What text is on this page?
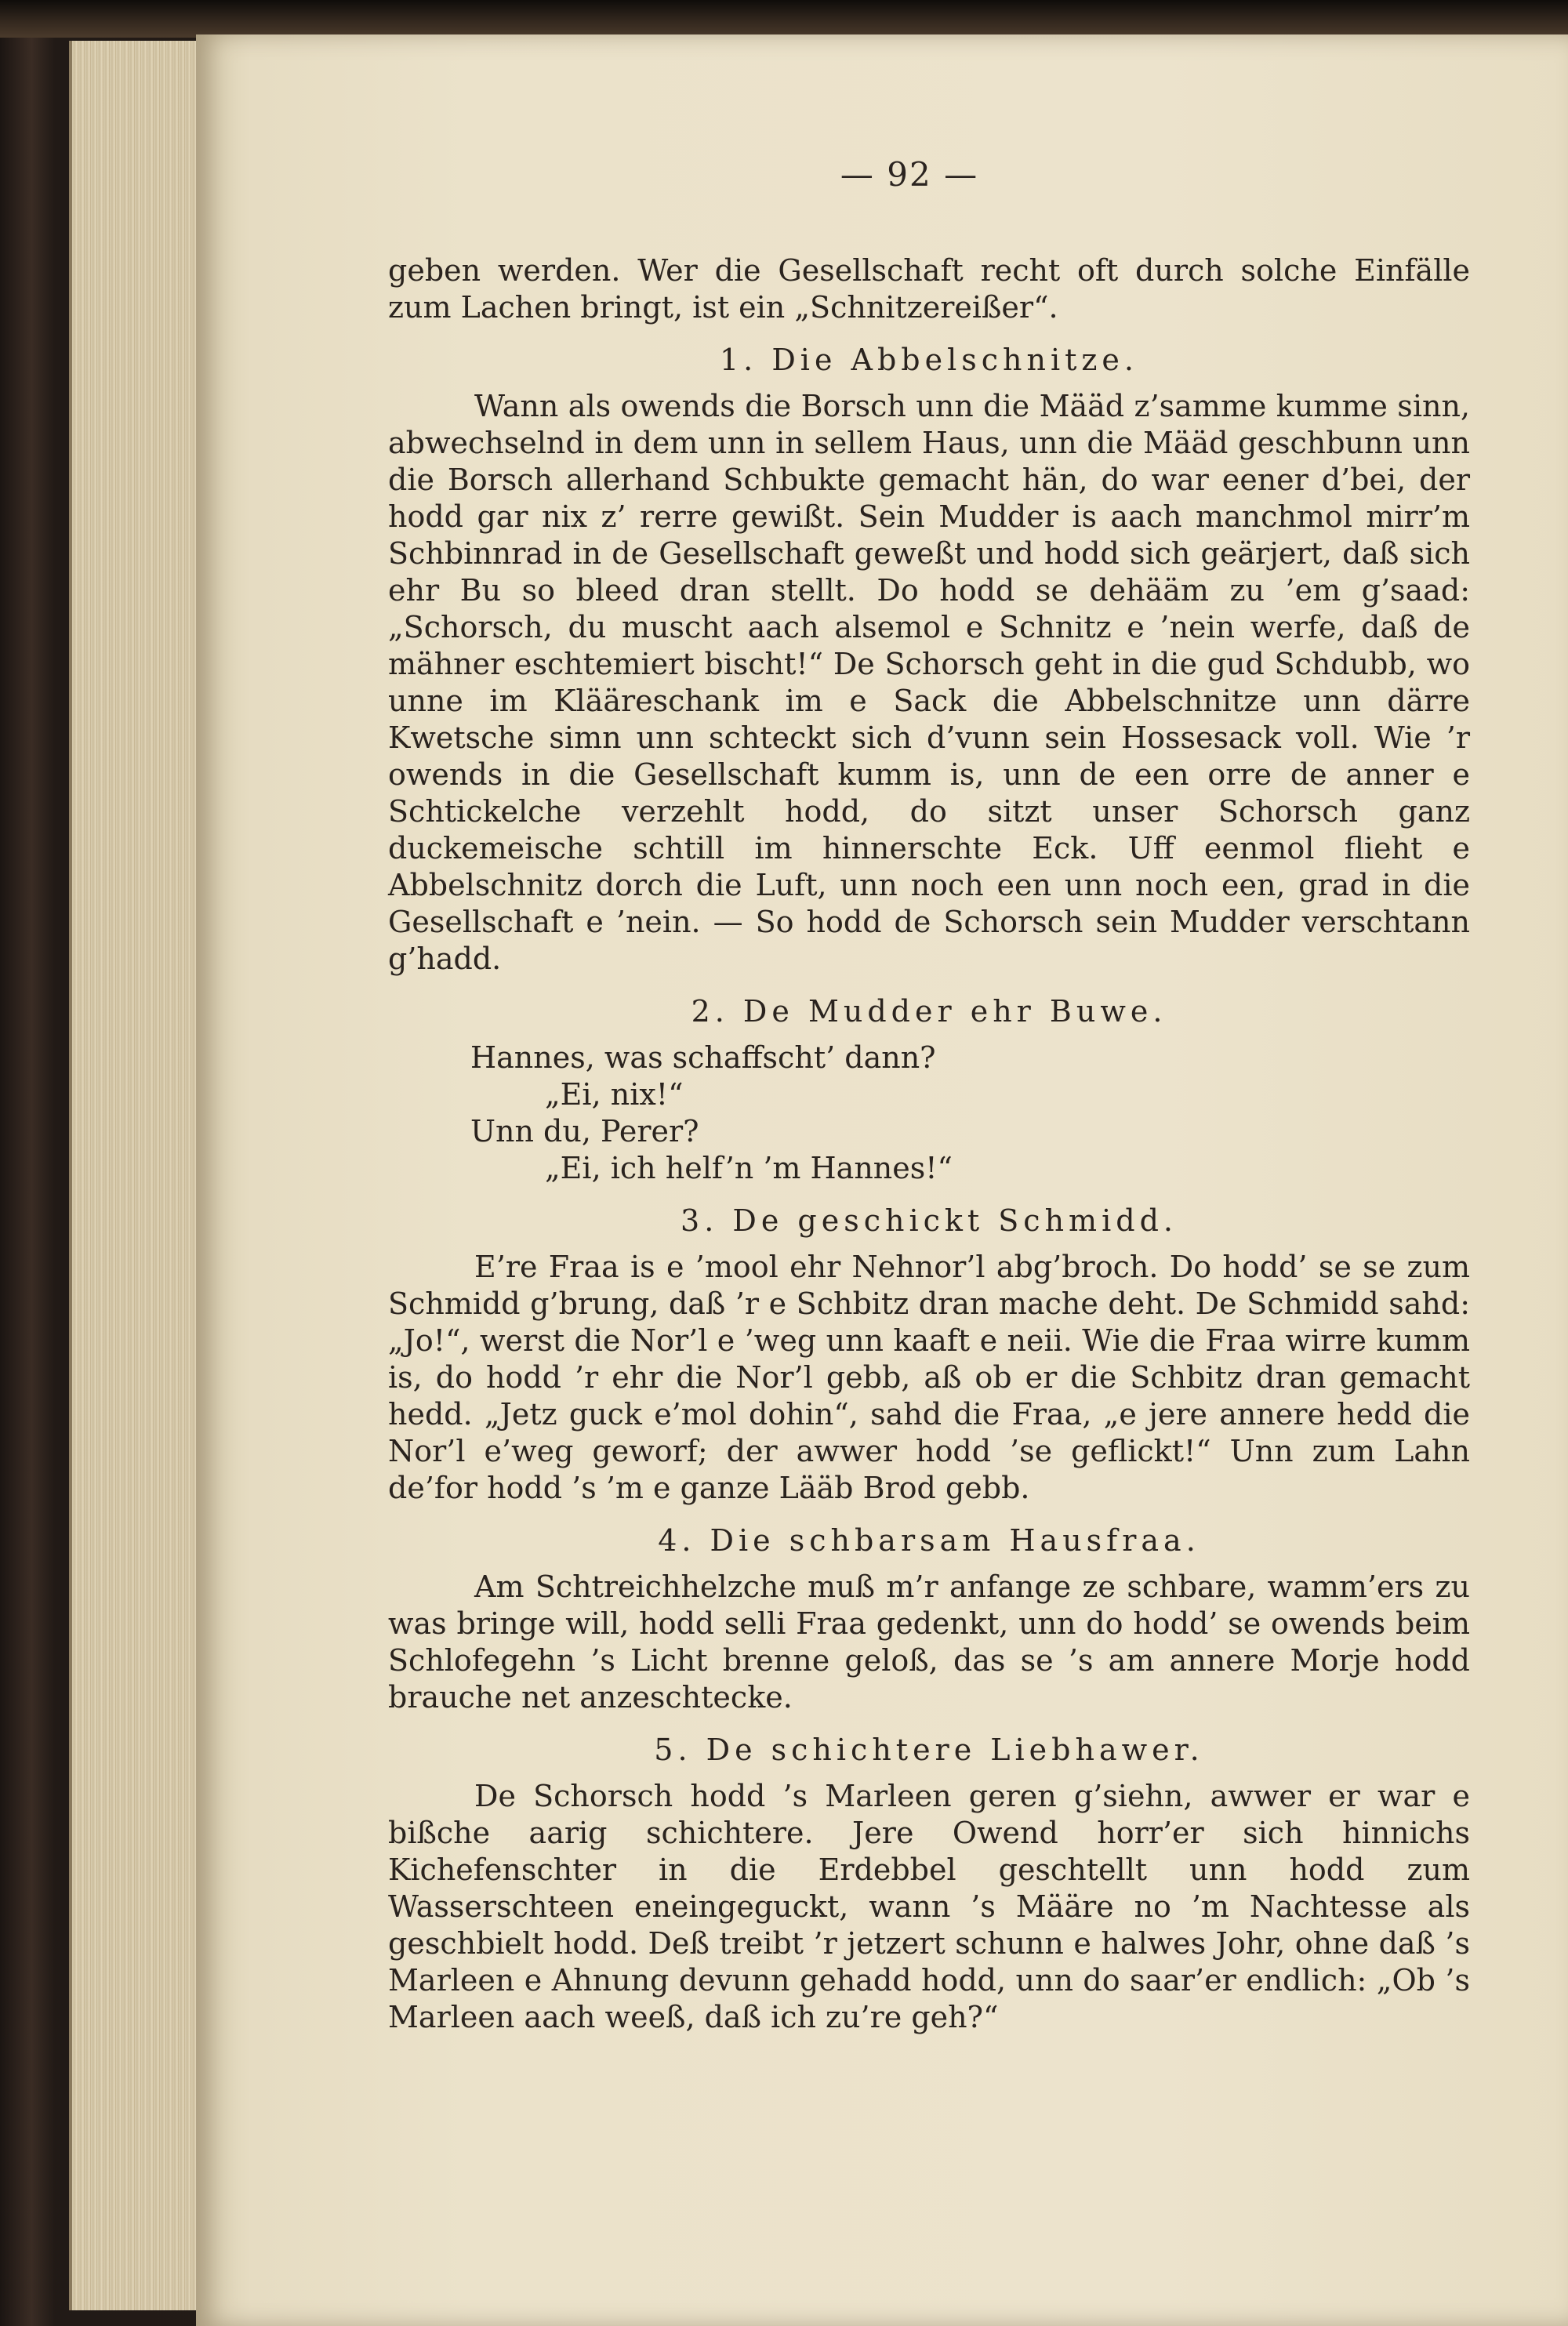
— 92 —

geben werden. Wer die Gesellschaft recht oft durch solche Einfälle zum Lachen bringt, ist ein „Schnitzereißer“.

1. Die Abbelschnitze.

Wann als owends die Borsch unn die Määd z’samme kumme sinn, abwechselnd in dem unn in sellem Haus, unn die Määd geschbunn unn die Borsch allerhand Schbukte gemacht hän, do war eener d’bei, der hodd gar nix z’ rerre gewißt. Sein Mudder is aach manchmol mirr’m Schbinnrad in de Gesellschaft geweßt und hodd sich geärjert, daß sich ehr Bu so bleed dran stellt. Do hodd se dehääm zu ’em g’saad: „Schorsch, du muscht aach alsemol e Schnitz e ’nein werfe, daß de mähner eschtemiert bischt!“ De Schorsch geht in die gud Schdubb, wo unne im Klääreschank im e Sack die Abbelschnitze unn därre Kwetsche simn unn schteckt sich d’vunn sein Hossesack voll. Wie ’r owends in die Gesellschaft kumm is, unn de een orre de anner e Schtickelche verzehlt hodd, do sitzt unser Schorsch ganz duckemeische schtill im hinnerschte Eck. Uff eenmol flieht e Abbelschnitz dorch die Luft, unn noch een unn noch een, grad in die Gesellschaft e ’nein. — So hodd de Schorsch sein Mudder verschtann g’hadd.

2. De Mudder ehr Buwe.

Hannes, was schaffscht’ dann?

„Ei, nix!“

Unn du, Perer?

„Ei, ich helf’n ’m Hannes!“

3. De geschickt Schmidd.

E’re Fraa is e ’mool ehr Nehnor’l abg’broch. Do hodd’ se se zum Schmidd g’brung, daß ’r e Schbitz dran mache deht. De Schmidd sahd: „Jo!“, werst die Nor’l e ’weg unn kaaft e neii. Wie die Fraa wirre kumm is, do hodd ’r ehr die Nor’l gebb, aß ob er die Schbitz dran gemacht hedd. „Jetz guck e’mol dohin“, sahd die Fraa, „e jere annere hedd die Nor’l e’weg geworf; der awwer hodd ’se geflickt!“ Unn zum Lahn de’for hodd ’s ’m e ganze Lääb Brod gebb.

4. Die schbarsam Hausfraa.

Am Schtreichhelzche muß m’r anfange ze schbare, wamm’ers zu was bringe will, hodd selli Fraa gedenkt, unn do hodd’ se owends beim Schlofegehn ’s Licht brenne geloß, das se ’s am annere Morje hodd brauche net anzeschtecke.

5. De schichtere Liebhawer.

De Schorsch hodd ’s Marleen geren g’siehn, awwer er war e bißche aarig schichtere. Jere Owend horr’er sich hinnichs Kichefenschter in die Erdebbel geschtellt unn hodd zum Wasserschteen eneingeguckt, wann ’s Määre no ’m Nachtesse als geschbielt hodd. Deß treibt ’r jetzert schunn e halwes Johr, ohne daß ’s Marleen e Ahnung devunn gehadd hodd, unn do saar’er endlich: „Ob ’s Marleen aach weeß, daß ich zu’re geh?“
